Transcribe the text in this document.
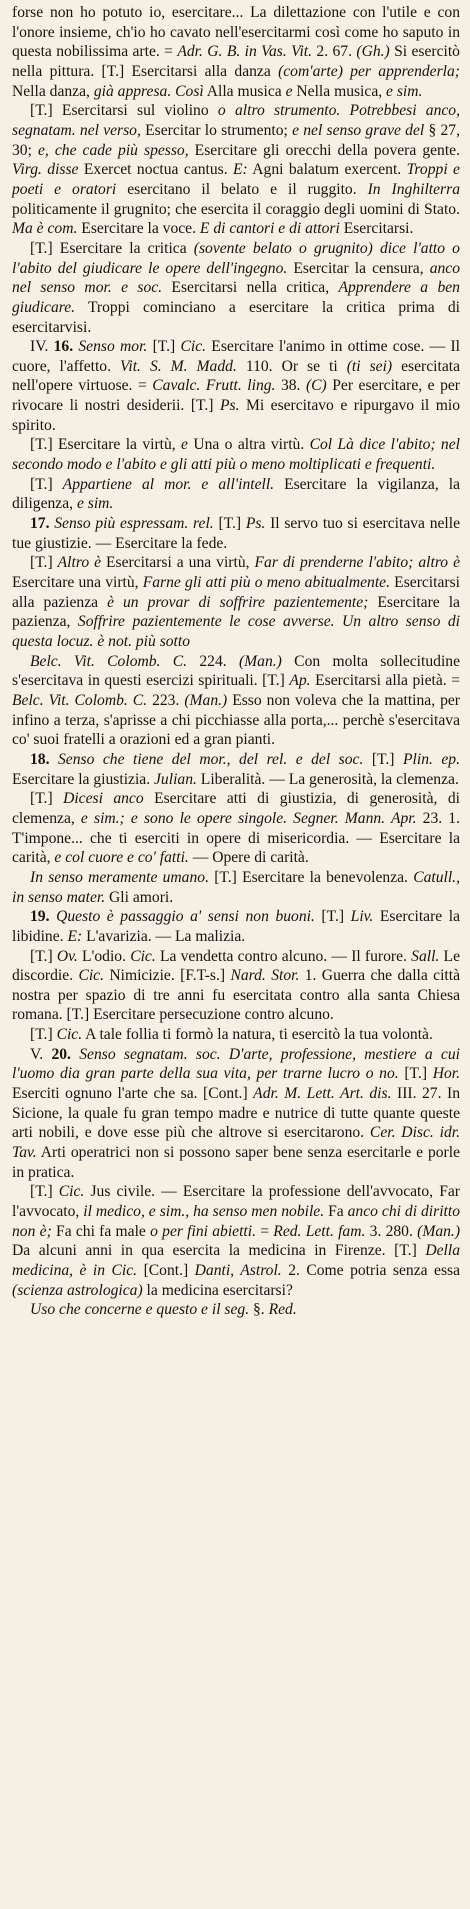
forse non ho potuto io, esercitare... La dilettazione con l'utile e con l'onore insieme, ch'io ho cavato nell'esercitarmi così come ho saputo in questa nobilissima arte. = Adr. G. B. in Vas. Vit. 2. 67. (Gh.) Si esercitò nella pittura. [T.] Esercitarsi alla danza (com'arte) per apprenderla; Nella danza, già appresa. Così Alla musica e Nella musica, e sim.

[T.] Esercitarsi sul violino o altro strumento. Potrebbesi anco, segnatam. nel verso, Esercitar lo strumento; e nel senso grave del § 27, 30; e, che cade più spesso, Esercitare gli orecchi della povera gente. Virg. disse Exercet noctua cantus. E: Agni balatum exercent. Troppi e poeti e oratori esercitano il belato e il ruggito. In Inghilterra politicamente il grugnito; che esercita il coraggio degli uomini di Stato. Ma è com. Esercitare la voce. E di cantori e di attori Esercitarsi.

[T.] Esercitare la critica (sovente belato o grugnito) dice l'atto o l'abito del giudicare le opere dell'ingegno. Esercitar la censura, anco nel senso mor. e soc. Esercitarsi nella critica, Apprendere a ben giudicare. Troppi cominciano a esercitare la critica prima di esercitarvisi.

IV. 16. Senso mor. [T.] Cic. Esercitare l'animo in ottime cose. — Il cuore, l'affetto. Vit. S. M. Madd. 110. Or se ti (ti sei) esercitata nell'opere virtuose. = Cavalc. Frutt. ling. 38. (C) Per esercitare, e per rivocare li nostri desiderii. [T.] Ps. Mi esercitavo e ripurgavo il mio spirito.

[T.] Esercitare la virtù, e Una o altra virtù. Col Là dice l'abito; nel secondo modo e l'abito e gli atti più o meno moltiplicati e frequenti.

[T.] Appartiene al mor. e all'intell. Esercitare la vigilanza, la diligenza, e sim.

17. Senso più espressam. rel. [T.] Ps. Il servo tuo si esercitava nelle tue giustizie. — Esercitare la fede.

[T.] Altro è Esercitarsi a una virtù, Far di prenderne l'abito; altro è Esercitare una virtù, Farne gli atti più o meno abitualmente. Esercitarsi alla pazienza è un provar di soffrire pazientemente; Esercitare la pazienza, Soffrire pazientemente le cose avverse. Un altro senso di questa locuz. è not. più sotto

Belc. Vit. Colomb. C. 224. (Man.) Con molta sollecitudine s'esercitava in questi esercizi spirituali. [T.] Ap. Esercitarsi alla pietà. = Belc. Vit. Colomb. C. 223. (Man.) Esso non voleva che la mattina, per infino a terza, s'aprisse a chi picchiasse alla porta,... perchè s'esercitava co' suoi fratelli a orazioni ed a gran pianti.

18. Senso che tiene del mor., del rel. e del soc. [T.] Plin. ep. Esercitare la giustizia. Julian. Liberalità. — La generosità, la clemenza.

[T.] Dicesi anco Esercitare atti di giustizia, di generosità, di clemenza, e sim.; e sono le opere singole. Segner. Mann. Apr. 23. 1. T'impone... che ti eserciti in opere di misericordia. — Esercitare la carità, e col cuore e co' fatti. — Opere di carità.

In senso meramente umano. [T.] Esercitare la benevolenza. Catull., in senso mater. Gli amori.

19. Questo è passaggio a' sensi non buoni. [T.] Liv. Esercitare la libidine. E: L'avarizia. — La malizia.

[T.] Ov. L'odio. Cic. La vendetta contro alcuno. — Il furore. Sall. Le discordie. Cic. Nimicizie. [F.T-s.] Nard. Stor. 1. Guerra che dalla città nostra per spazio di tre anni fu esercitata contro alla santa Chiesa romana. [T.] Esercitare persecuzione contro alcuno.

[T.] Cic. A tale follia ti formò la natura, ti esercitò la tua volontà.

V. 20. Senso segnatam. soc. D'arte, professione, mestiere a cui l'uomo dia gran parte della sua vita, per trarne lucro o no. [T.] Hor. Eserciti ognuno l'arte che sa. [Cont.] Adr. M. Lett. Art. dis. III. 27. In Sicione, la quale fu gran tempo madre e nutrice di tutte quante queste arti nobili, e dove esse più che altrove si esercitarono. Cer. Disc. idr. Tav. Arti operatrici non si possono saper bene senza esercitarle e porle in pratica.

[T.] Cic. Jus civile. — Esercitare la professione dell'avvocato, Far l'avvocato, il medico, e sim., ha senso men nobile. Fa anco chi di diritto non è; Fa chi fa male o per fini abietti. = Red. Lett. fam. 3. 280. (Man.) Da alcuni anni in qua esercita la medicina in Firenze. [T.] Della medicina, è in Cic. [Cont.] Danti, Astrol. 2. Come potria senza essa (scienza astrologica) la medicina esercitarsi?

Uso che concerne e questo e il seg. §. Red.
